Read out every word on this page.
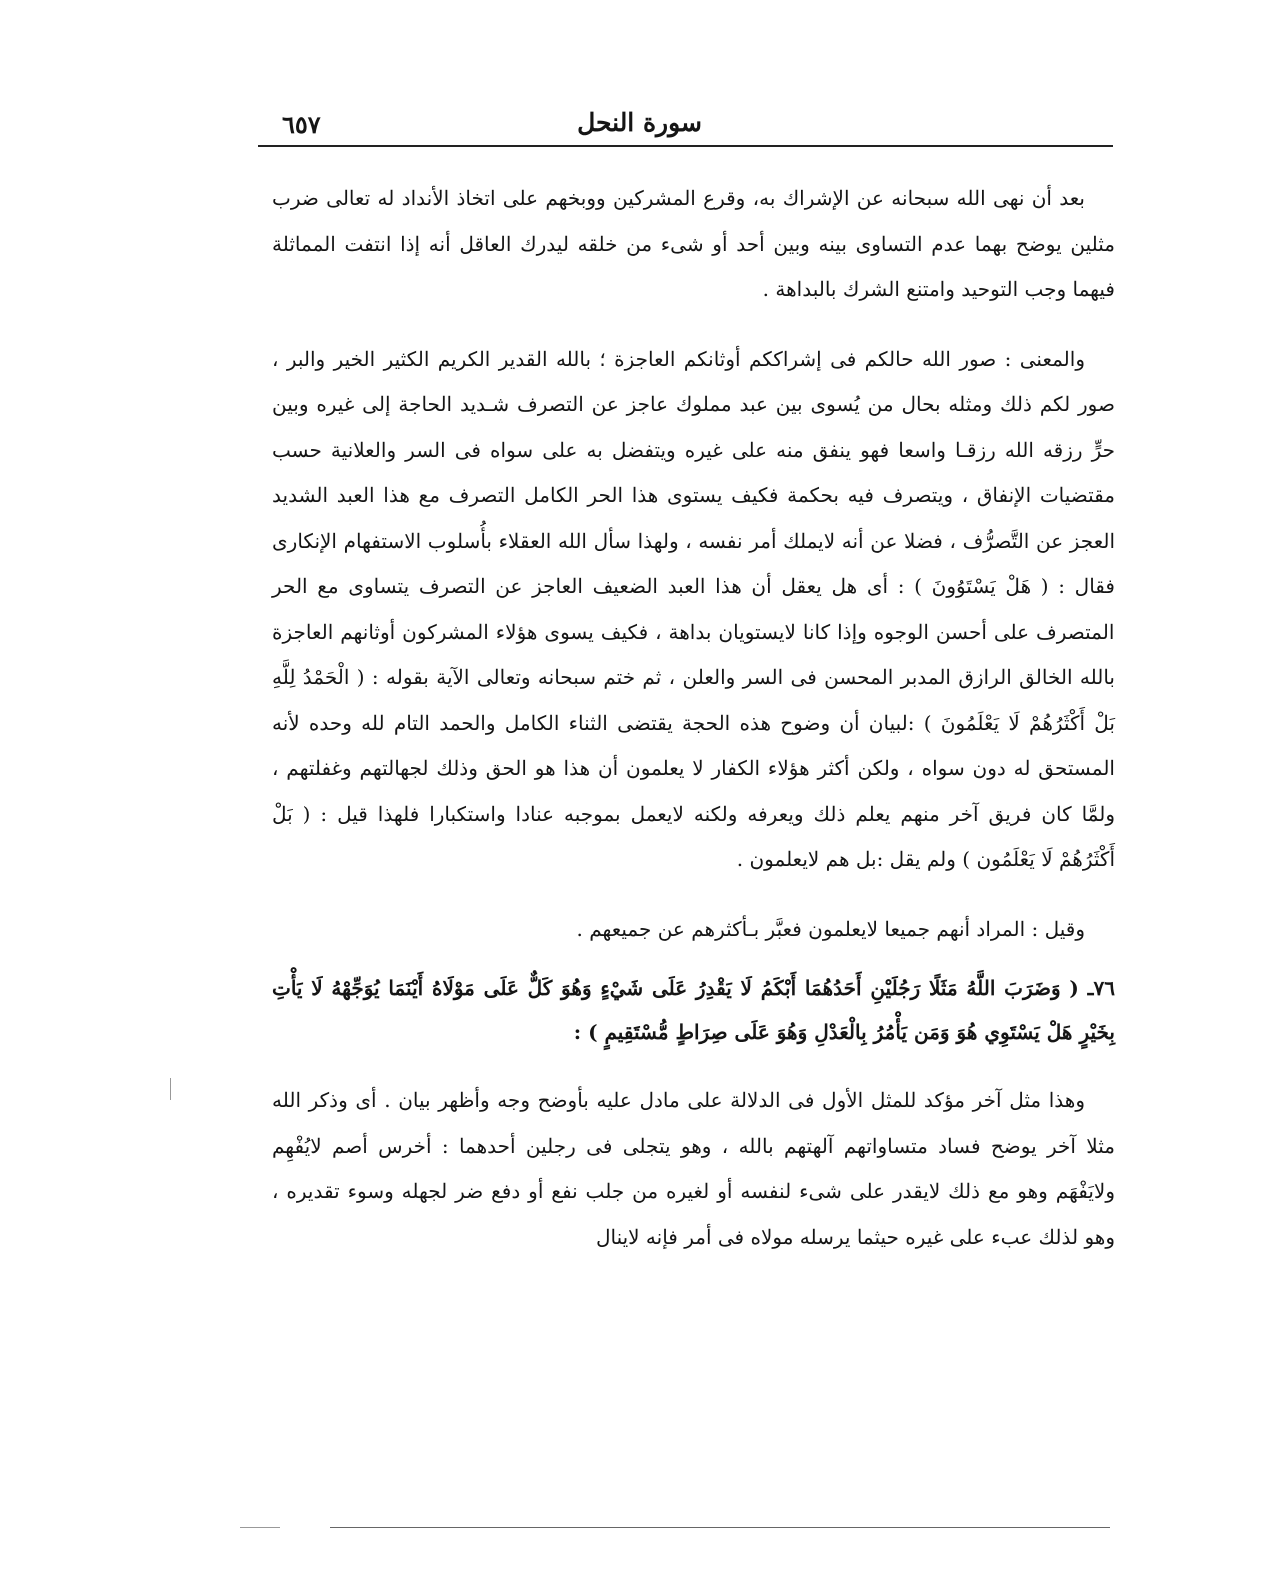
سورة النحل
٦٥٧

بعد أن نهى الله سبحانه عن الإشراك به، وقرع المشركين ووبخهم على اتخاذ الأنداد له تعالى ضرب مثلين يوضح بهما عدم التساوى بينه وبين أحد أو شىء من خلقه ليدرك العاقل أنه إذا انتفت المماثلة فيهما وجب التوحيد وامتنع الشرك بالبداهة .

والمعنى : صور الله حالكم فى إشراككم أوثانكم العاجزة ؛ بالله القدير الكريم الكثير الخير والبر ، صور لكم ذلك ومثله بحال من يُسوى بين عبد مملوك عاجز عن التصرف شـديد الحاجة إلى غيره وبين حرٍّ رزقه الله رزقـا واسعا فهو ينفق منه على غيره ويتفضل به على سواه فى السر والعلانية حسب مقتضيات الإنفاق ، ويتصرف فيه بحكمة فكيف يستوى هذا الحر الكامل التصرف مع هذا العبد الشديد العجز عن التَّصرُّف ، فضلا عن أنه لايملك أمر نفسه ، ولهذا سأل الله العقلاء بأُسلوب الاستفهام الإنكارى فقال : ( هَلْ يَسْتَوُونَ ) : أى هل يعقل أن هذا العبد الضعيف العاجز عن التصرف يتساوى مع الحر المتصرف على أحسن الوجوه وإذا كانا لايستويان بداهة ، فكيف يسوى هؤلاء المشركون أوثانهم العاجزة بالله الخالق الرازق المدبر المحسن فى السر والعلن ، ثم ختم سبحانه وتعالى الآية بقوله : ( الْحَمْدُ لِلَّهِ بَلْ أَكْثَرُهُمْ لَا يَعْلَمُونَ ) :لبيان أن وضوح هذه الحجة يقتضى الثناء الكامل والحمد التام لله وحده لأنه المستحق له دون سواه ، ولكن أكثر هؤلاء الكفار لا يعلمون أن هذا هو الحق وذلك لجهالتهم وغفلتهم ، ولمَّا كان فريق آخر منهم يعلم ذلك ويعرفه ولكنه لايعمل بموجبه عنادا واستكبارا فلهذا قيل : ( بَلْ أَكْثَرُهُمْ لَا يَعْلَمُون ) ولم يقل :بل هم لايعلمون .

وقيل : المراد أنهم جميعا لايعلمون فعبَّر بـأكثرهم عن جميعهم .

٧٦ـ ( وَضَرَبَ اللَّهُ مَثَلًا رَجُلَيْنِ أَحَدُهُمَا أَبْكَمُ لَا يَقْدِرُ عَلَى شَيْءٍ وَهُوَ كَلٌّ عَلَى مَوْلَاهُ أَيْنَمَا يُوَجِّهْهُ لَا يَأْتِ بِخَيْرٍ هَلْ يَسْتَوِي هُوَ وَمَن يَأْمُرُ بِالْعَدْلِ وَهُوَ عَلَى صِرَاطٍ مُّسْتَقِيمٍ ) :

وهذا مثل آخر مؤكد للمثل الأول فى الدلالة على مادل عليه بأوضح وجه وأظهر بيان . أى وذكر الله مثلا آخر يوضح فساد متساواتهم آلهتهم بالله ، وهو يتجلى فى رجلين أحدهما : أخرس أصم لايُفْهِم ولايَفْهَم وهو مع ذلك لايقدر على شىء لنفسه أو لغيره من جلب نفع أو دفع ضر لجهله وسوء تقديره ، وهو لذلك عبء على غيره حيثما يرسله مولاه فى أمر فإنه لاينال
